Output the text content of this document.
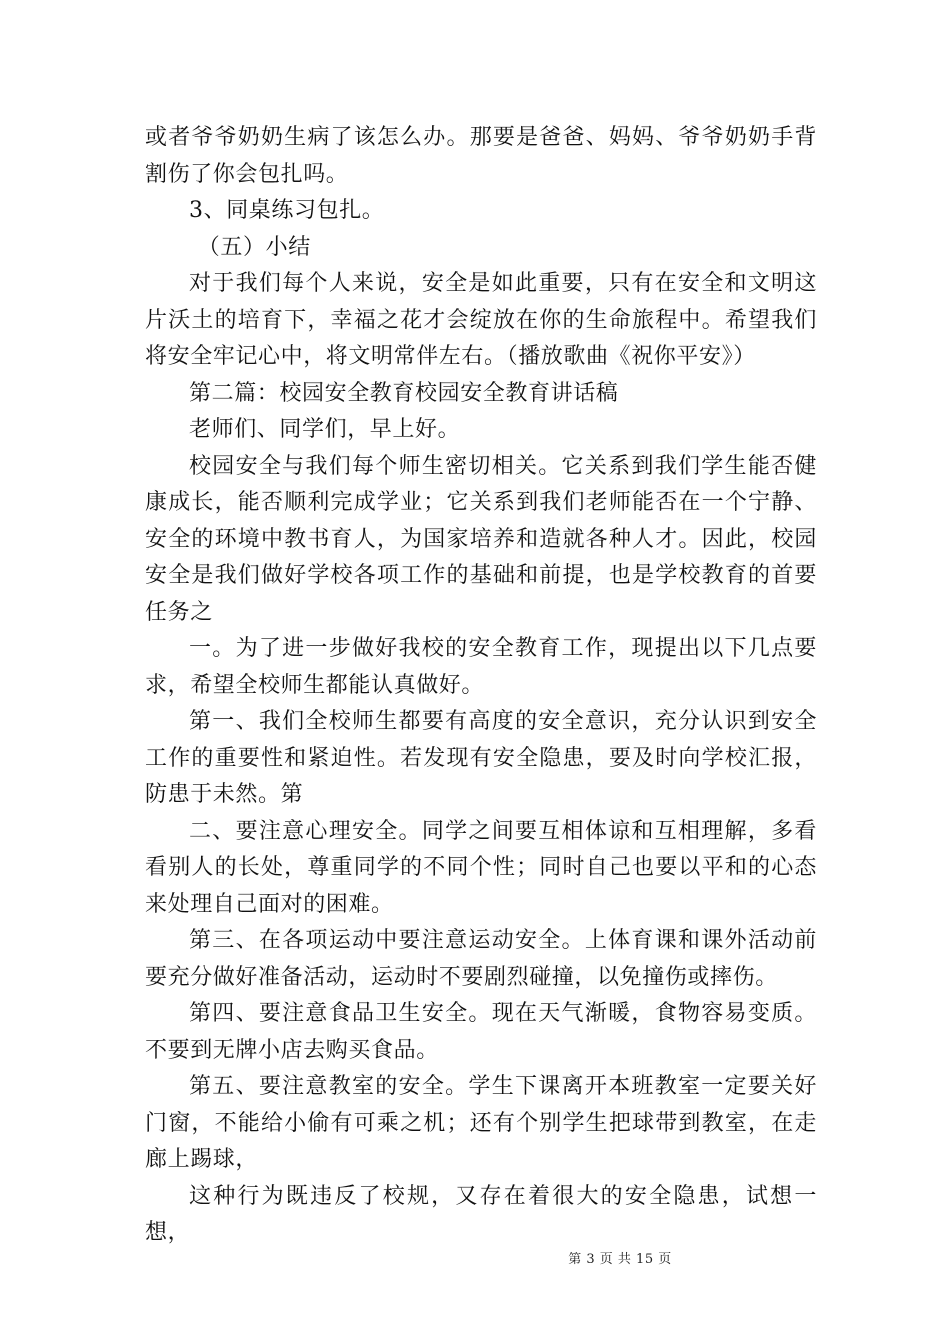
或者爷爷奶奶生病了该怎么办。那要是爸爸、妈妈、爷爷奶奶手背割伤了你会包扎吗。

3、同桌练习包扎。

（五）小结

对于我们每个人来说，安全是如此重要，只有在安全和文明这片沃土的培育下，幸福之花才会绽放在你的生命旅程中。希望我们将安全牢记心中，将文明常伴左右。（播放歌曲《祝你平安》）

第二篇：校园安全教育校园安全教育讲话稿

老师们、同学们，早上好。

校园安全与我们每个师生密切相关。它关系到我们学生能否健康成长，能否顺利完成学业；它关系到我们老师能否在一个宁静、安全的环境中教书育人，为国家培养和造就各种人才。因此，校园安全是我们做好学校各项工作的基础和前提，也是学校教育的首要任务之

一。为了进一步做好我校的安全教育工作，现提出以下几点要求，希望全校师生都能认真做好。

第一、我们全校师生都要有高度的安全意识，充分认识到安全工作的重要性和紧迫性。若发现有安全隐患，要及时向学校汇报，防患于未然。第

二、要注意心理安全。同学之间要互相体谅和互相理解，多看看别人的长处，尊重同学的不同个性；同时自己也要以平和的心态来处理自己面对的困难。

第三、在各项运动中要注意运动安全。上体育课和课外活动前要充分做好准备活动，运动时不要剧烈碰撞，以免撞伤或摔伤。

第四、要注意食品卫生安全。现在天气渐暖，食物容易变质。不要到无牌小店去购买食品。

第五、要注意教室的安全。学生下课离开本班教室一定要关好门窗，不能给小偷有可乘之机；还有个别学生把球带到教室，在走廊上踢球，

这种行为既违反了校规，又存在着很大的安全隐患，试想一想，

第 3 页 共 15 页
